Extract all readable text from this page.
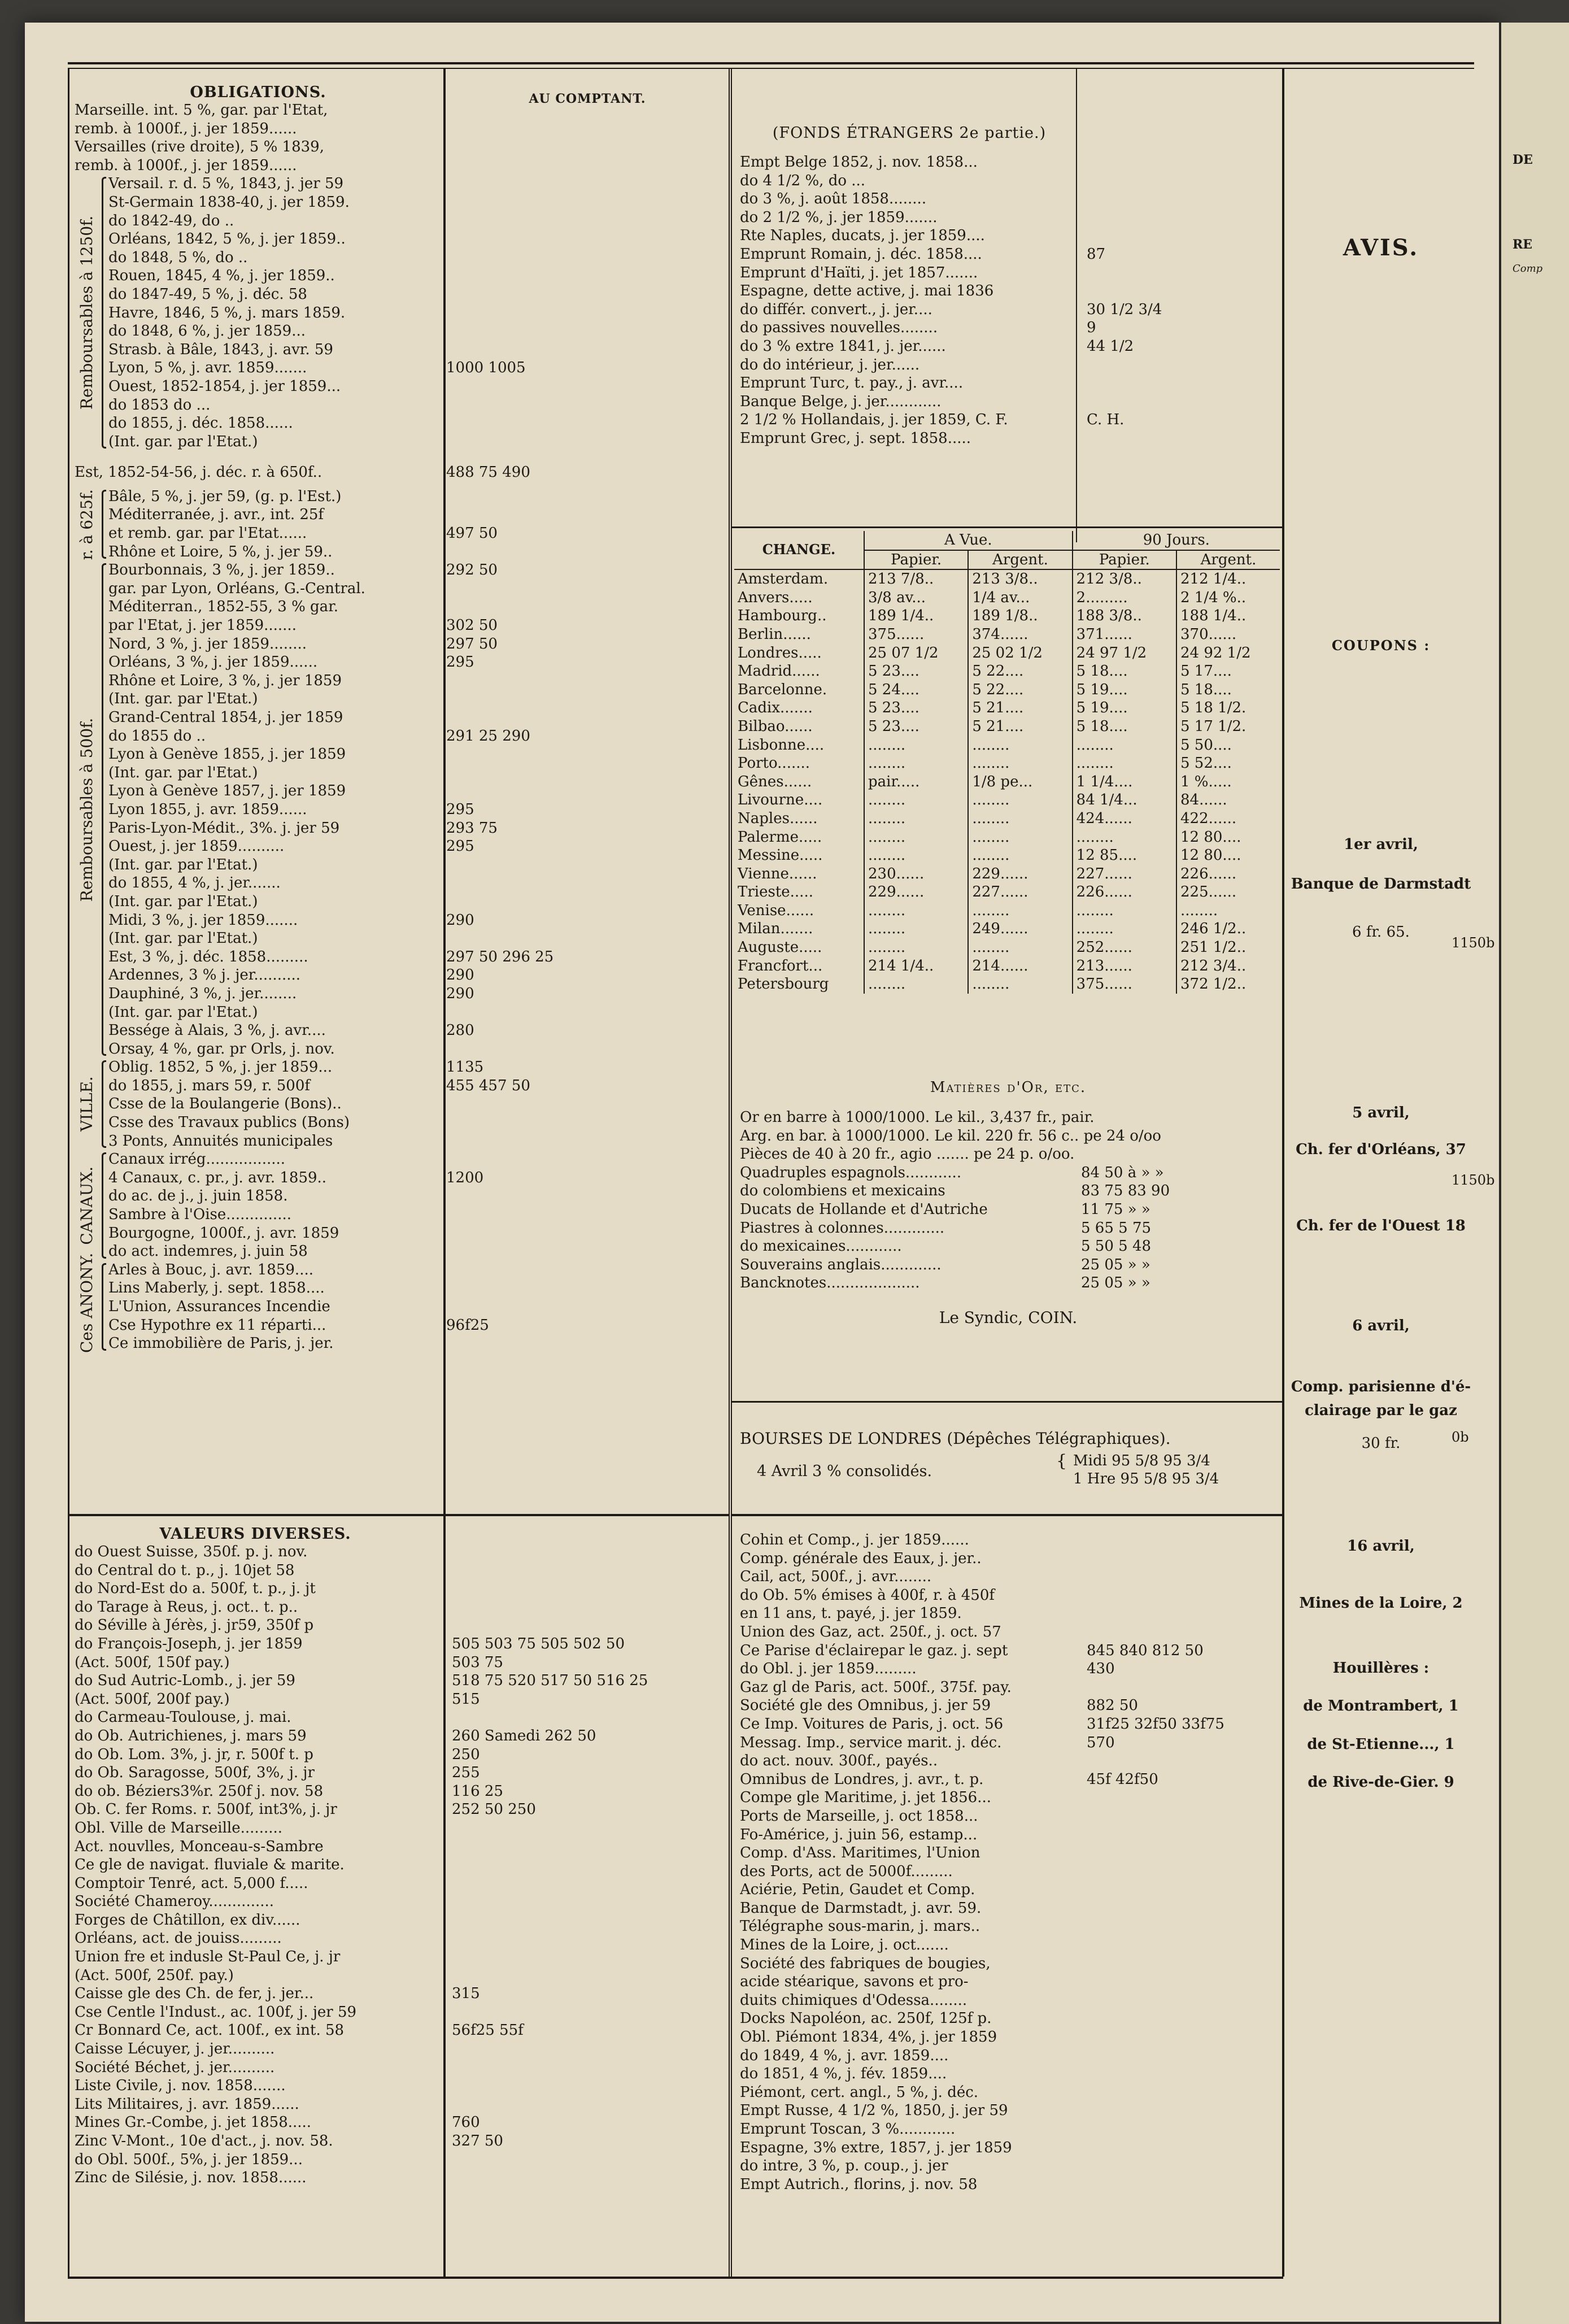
DE
RE
Comp
OBLIGATIONS.
Marseille. int. 5 %, gar. par l'Etat,
remb. à 1000f., j. jer 1859......
Versailles (rive droite), 5 % 1839,
remb. à 1000f., j. jer 1859......
Versail. r. d. 5 %, 1843, j. jer 59
St-Germain 1838-40, j. jer 1859.
do 1842-49, do ..
Orléans, 1842, 5 %, j. jer 1859..
do 1848, 5 %, do ..
Rouen, 1845, 4 %, j. jer 1859..
do 1847-49, 5 %, j. déc. 58
Havre, 1846, 5 %, j. mars 1859.
do 1848, 6 %, j. jer 1859...
Strasb. à Bâle, 1843, j. avr. 59
Lyon, 5 %, j. avr. 1859.......	1000 1005
Ouest, 1852-1854, j. jer 1859...
do 1853 do ...
do 1855, j. déc. 1858......
(Int. gar. par l'Etat.)
Remboursables à 1250f.
Est, 1852-54-56, j. déc. r. à 650f..	488 75 490
Bâle, 5 %, j. jer 59, (g. p. l'Est.)
Méditerranée, j. avr., int. 25f
et remb. gar. par l'Etat......	497 50
Rhône et Loire, 5 %, j. jer 59..
r. à 625f.
Bourbonnais, 3 %, j. jer 1859..	292 50
gar. par Lyon, Orléans, G.-Central.
Méditerran., 1852-55, 3 % gar.
par l'Etat, j. jer 1859.......	302 50
Nord, 3 %, j. jer 1859........	297 50
Orléans, 3 %, j. jer 1859......	295
Rhône et Loire, 3 %, j. jer 1859
(Int. gar. par l'Etat.)
Grand-Central 1854, j. jer 1859
do 1855 do ..	291 25 290
Lyon à Genève 1855, j. jer 1859
(Int. gar. par l'Etat.)
Lyon à Genève 1857, j. jer 1859
Lyon 1855, j. avr. 1859......	295
Paris-Lyon-Médit., 3%. j. jer 59	293 75
Ouest, j. jer 1859..........	295
(Int. gar. par l'Etat.)
do 1855, 4 %, j. jer.......
(Int. gar. par l'Etat.)
Midi, 3 %, j. jer 1859.......	290
(Int. gar. par l'Etat.)
Est, 3 %, j. déc. 1858.........	297 50 296 25
Ardennes, 3 % j. jer..........	290
Dauphiné, 3 %, j. jer........	290
(Int. gar. par l'Etat.)
Bessége à Alais, 3 %, j. avr....	280
Orsay, 4 %, gar. pr Orls, j. nov.
Remboursables à 500f.
Oblig. 1852, 5 %, j. jer 1859...	1135
do 1855, j. mars 59, r. 500f	455 457 50
Csse de la Boulangerie (Bons)..
Csse des Travaux publics (Bons)
3 Ponts, Annuités municipales
VILLE.
Canaux irrég.................
4 Canaux, c. pr., j. avr. 1859..	1200
do ac. de j., j. juin 1858.
Sambre à l'Oise..............
Bourgogne, 1000f., j. avr. 1859
do act. indemres, j. juin 58
CANAUX.
Arles à Bouc, j. avr. 1859....
Lins Maberly, j. sept. 1858....
L'Union, Assurances Incendie
Cse Hypothre ex 11 réparti...	96f25
Ce immobilière de Paris, j. jer.
Ces ANONY.
AU COMPTANT.
VALEURS DIVERSES.
do Ouest Suisse, 350f. p. j. nov.
do Central do t. p., j. 10jet 58
do Nord-Est do a. 500f, t. p., j. jt
do Tarage à Reus, j. oct.. t. p..
do Séville à Jérès, j. jr59, 350f p
do François-Joseph, j. jer 1859	505 503 75 505 502 50
(Act. 500f, 150f pay.)	503 75
do Sud Autric-Lomb., j. jer 59	518 75 520 517 50 516 25
(Act. 500f, 200f pay.)	515
do Carmeau-Toulouse, j. mai.
do Ob. Autrichienes, j. mars 59	260 Samedi 262 50
do Ob. Lom. 3%, j. jr, r. 500f t. p	250
do Ob. Saragosse, 500f, 3%, j. jr	255
do ob. Béziers3%r. 250f j. nov. 58	116 25
Ob. C. fer Roms. r. 500f, int3%, j. jr	252 50 250
Obl. Ville de Marseille.........
Act. nouvlles, Monceau-s-Sambre
Ce gle de navigat. fluviale & marite.
Comptoir Tenré, act. 5,000 f.....
Société Chameroy..............
Forges de Châtillon, ex div......
Orléans, act. de jouiss.........
Union fre et indusle St-Paul Ce, j. jr
(Act. 500f, 250f. pay.)
Caisse gle des Ch. de fer, j. jer...	315
Cse Centle l'Indust., ac. 100f, j. jer 59
Cr Bonnard Ce, act. 100f., ex int. 58	56f25 55f
Caisse Lécuyer, j. jer..........
Société Béchet, j. jer..........
Liste Civile, j. nov. 1858.......
Lits Militaires, j. avr. 1859......
Mines Gr.-Combe, j. jet 1858.....	760
Zinc V-Mont., 10e d'act., j. nov. 58.	327 50
do Obl. 500f., 5%, j. jer 1859...
Zinc de Silésie, j. nov. 1858......
(FONDS ÉTRANGERS 2e partie.)
Empt Belge 1852, j. nov. 1858...
do 4 1/2 %, do ...
do 3 %, j. août 1858........
do 2 1/2 %, j. jer 1859.......
Rte Naples, ducats, j. jer 1859....
Emprunt Romain, j. déc. 1858....	87
Emprunt d'Haïti, j. jet 1857.......
Espagne, dette active, j. mai 1836
do différ. convert., j. jer....	30 1/2 3/4
do passives nouvelles........	9
do 3 % extre 1841, j. jer......	44 1/2
do do intérieur, j. jer......
Emprunt Turc, t. pay., j. avr....
Banque Belge, j. jer............
2 1/2 % Hollandais, j. jer 1859, C. F.	C. H.
Emprunt Grec, j. sept. 1858.....
CHANGE.	A Vue.		90 Jours.	
	Papier.	Argent.	Papier.	Argent.
Amsterdam.	213 7/8..	213 3/8..	212 3/8..	212 1/4..
Anvers.....	3/8 av...	1/4 av...	2.........	2 1/4 %..
Hambourg..	189 1/4..	189 1/8..	188 3/8..	188 1/4..
Berlin......	375......	374......	371......	370......
Londres.....	25 07 1/2	25 02 1/2	24 97 1/2	24 92 1/2
Madrid......	5 23....	5 22....	5 18....	5 17....
Barcelonne.	5 24....	5 22....	5 19....	5 18....
Cadix.......	5 23....	5 21....	5 19....	5 18 1/2.
Bilbao......	5 23....	5 21....	5 18....	5 17 1/2.
Lisbonne....	........	........	........	5 50....
Porto.......	........	........	........	5 52....
Gênes......	pair.....	1/8 pe...	1 1/4....	1 %.....
Livourne....	........	........	84 1/4...	84......
Naples......	........	........	424......	422......
Palerme.....	........	........	........	12 80....
Messine.....	........	........	12 85....	12 80....
Vienne......	230......	229......	227......	226......
Trieste.....	229......	227......	226......	225......
Venise......	........	........	........	........
Milan.......	........	249......	........	246 1/2..
Auguste.....	........	........	252......	251 1/2..
Francfort...	214 1/4..	214......	213......	212 3/4..
Petersbourg	........	........	375......	372 1/2..
Matières d'Or, etc.
Or en barre à 1000/1000. Le kil., 3,437 fr., pair.
Arg. en bar. à 1000/1000. Le kil. 220 fr. 56 c.. pe 24 o/oo
Pièces de 40 à 20 fr., agio ....... pe 24 p. o/oo.
Quadruples espagnols............	84 50 à » »
do colombiens et mexicains	83 75 83 90
Ducats de Hollande et d'Autriche	11 75 » »
Piastres à colonnes.............	5 65 5 75
do mexicaines............	5 50 5 48
Souverains anglais.............	25 05 » »
Bancknotes....................	25 05 » »
Le Syndic, COIN.
BOURSES DE LONDRES (Dépêches Télégraphiques).
4 Avril 3 % consolidés.
{ Midi 95 5/8 95 3/4
1 Hre 95 5/8 95 3/4
Cohin et Comp., j. jer 1859......
Comp. générale des Eaux, j. jer..
Cail, act, 500f., j. avr........
do Ob. 5% émises à 400f, r. à 450f
en 11 ans, t. payé, j. jer 1859.
Union des Gaz, act. 250f., j. oct. 57
Ce Parise d'éclairepar le gaz. j. sept	845 840 812 50
do Obl. j. jer 1859.........	430
Gaz gl de Paris, act. 500f., 375f. pay.
Société gle des Omnibus, j. jer 59	882 50
Ce Imp. Voitures de Paris, j. oct. 56	31f25 32f50 33f75
Messag. Imp., service marit. j. déc.	570
do act. nouv. 300f., payés..
Omnibus de Londres, j. avr., t. p.	45f 42f50
Compe gle Maritime, j. jet 1856...
Ports de Marseille, j. oct 1858...
Fo-Américe, j. juin 56, estamp...
Comp. d'Ass. Maritimes, l'Union
des Ports, act de 5000f.........
Aciérie, Petin, Gaudet et Comp.
Banque de Darmstadt, j. avr. 59.
Télégraphe sous-marin, j. mars..
Mines de la Loire, j. oct.......
Société des fabriques de bougies,
acide stéarique, savons et pro-
duits chimiques d'Odessa........
Docks Napoléon, ac. 250f, 125f p.
Obl. Piémont 1834, 4%, j. jer 1859
do 1849, 4 %, j. avr. 1859....
do 1851, 4 %, j. fév. 1859....
Piémont, cert. angl., 5 %, j. déc.
Empt Russe, 4 1/2 %, 1850, j. jer 59
Emprunt Toscan, 3 %............
Espagne, 3% extre, 1857, j. jer 1859
do intre, 3 %, p. coup., j. jer
Empt Autrich., florins, j. nov. 58
AVIS.
COUPONS :
1er avril,
Banque de Darmstadt
6 fr. 65.
5 avril,
Ch. fer d'Orléans, 37
Ch. fer de l'Ouest 18
6 avril,
Comp. parisienne d'é-
clairage par le gaz
30 fr.
16 avril,
Mines de la Loire, 2
Houillères :
de Montrambert, 1
de St-Etienne..., 1
de Rive-de-Gier. 9
1150b
1150b
0b
